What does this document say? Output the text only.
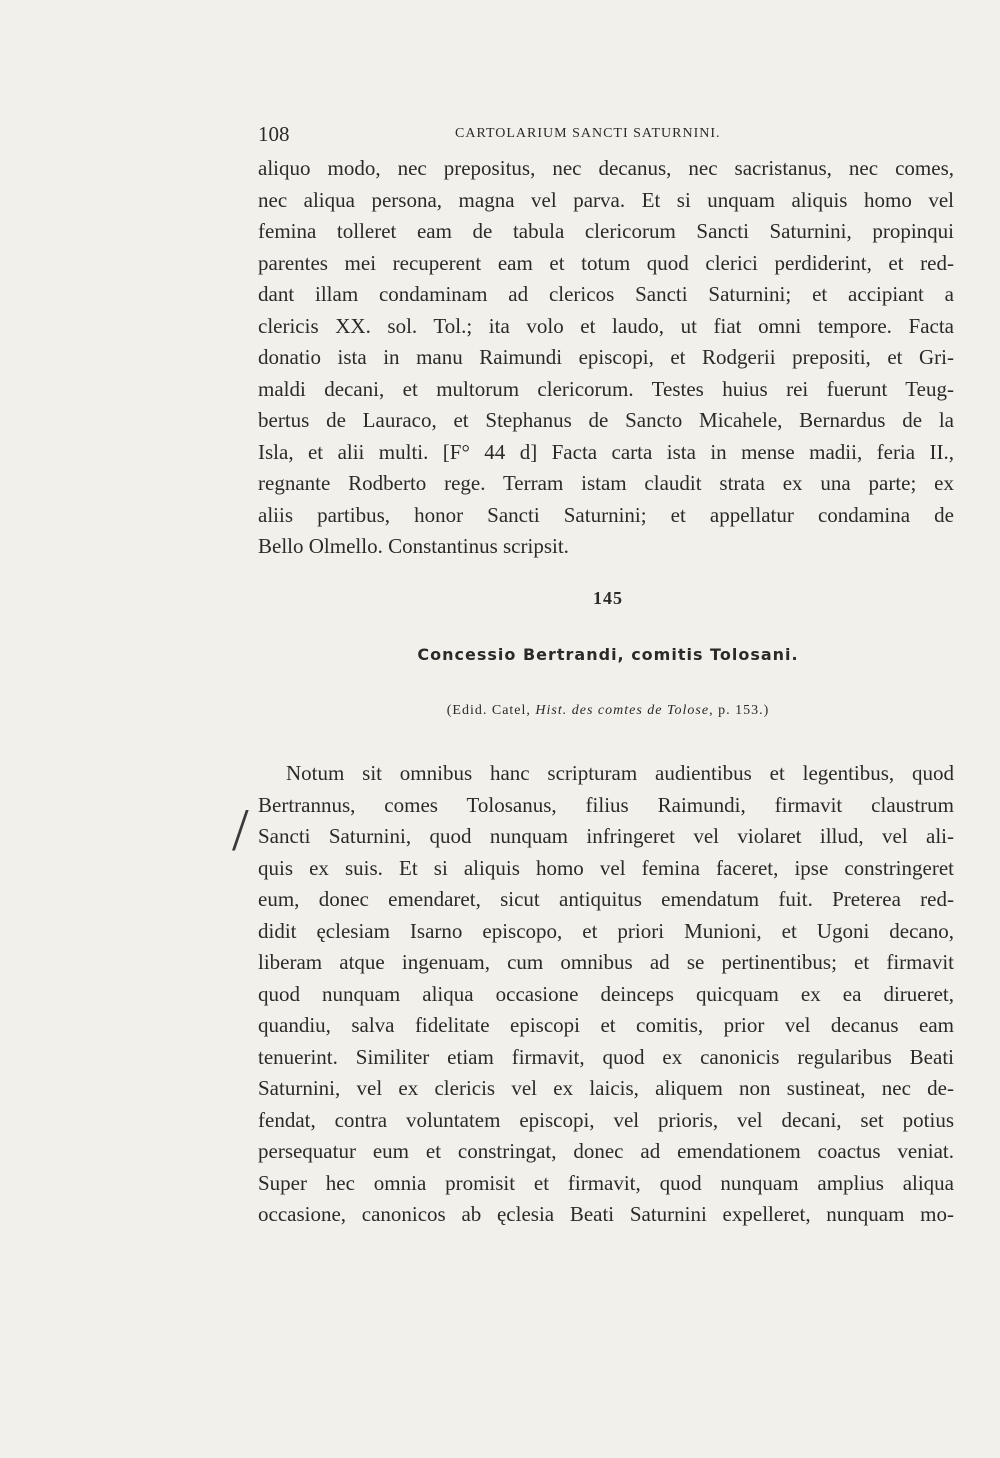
108	CARTOLARIUM SANCTI SATURNINI.
aliquo modo, nec prepositus, nec decanus, nec sacristanus, nec comes,
nec aliqua persona, magna vel parva. Et si unquam aliquis homo vel
femina tolleret eam de tabula clericorum Sancti Saturnini, propinqui
parentes mei recuperent eam et totum quod clerici perdiderint, et red-
dant illam condaminam ad clericos Sancti Saturnini; et accipiant a
clericis XX. sol. Tol.; ita volo et laudo, ut fiat omni tempore. Facta
donatio ista in manu Raimundi episcopi, et Rodgerii prepositi, et Gri-
maldi decani, et multorum clericorum. Testes huius rei fuerunt Teug-
bertus de Lauraco, et Stephanus de Sancto Micahele, Bernardus de la
Isla, et alii multi. [F° 44 d] Facta carta ista in mense madii, feria II.,
regnante Rodberto rege. Terram istam claudit strata ex una parte; ex
aliis partibus, honor Sancti Saturnini; et appellatur condamina de
Bello Olmello. Constantinus scripsit.
145
Concessio Bertrandi, comitis Tolosani.
(Edid. Catel, Hist. des comtes de Tolose, p. 153.)
/
Notum sit omnibus hanc scripturam audientibus et legentibus, quod
Bertrannus, comes Tolosanus, filius Raimundi, firmavit claustrum
Sancti Saturnini, quod nunquam infringeret vel violaret illud, vel ali-
quis ex suis. Et si aliquis homo vel femina faceret, ipse constringeret
eum, donec emendaret, sicut antiquitus emendatum fuit. Preterea red-
didit ęclesiam Isarno episcopo, et priori Munioni, et Ugoni decano,
liberam atque ingenuam, cum omnibus ad se pertinentibus; et firmavit
quod nunquam aliqua occasione deinceps quicquam ex ea dirueret,
quandiu, salva fidelitate episcopi et comitis, prior vel decanus eam
tenuerint. Similiter etiam firmavit, quod ex canonicis regularibus Beati
Saturnini, vel ex clericis vel ex laicis, aliquem non sustineat, nec de-
fendat, contra voluntatem episcopi, vel prioris, vel decani, set potius
persequatur eum et constringat, donec ad emendationem coactus veniat.
Super hec omnia promisit et firmavit, quod nunquam amplius aliqua
occasione, canonicos ab ęclesia Beati Saturnini expelleret, nunquam mo-
